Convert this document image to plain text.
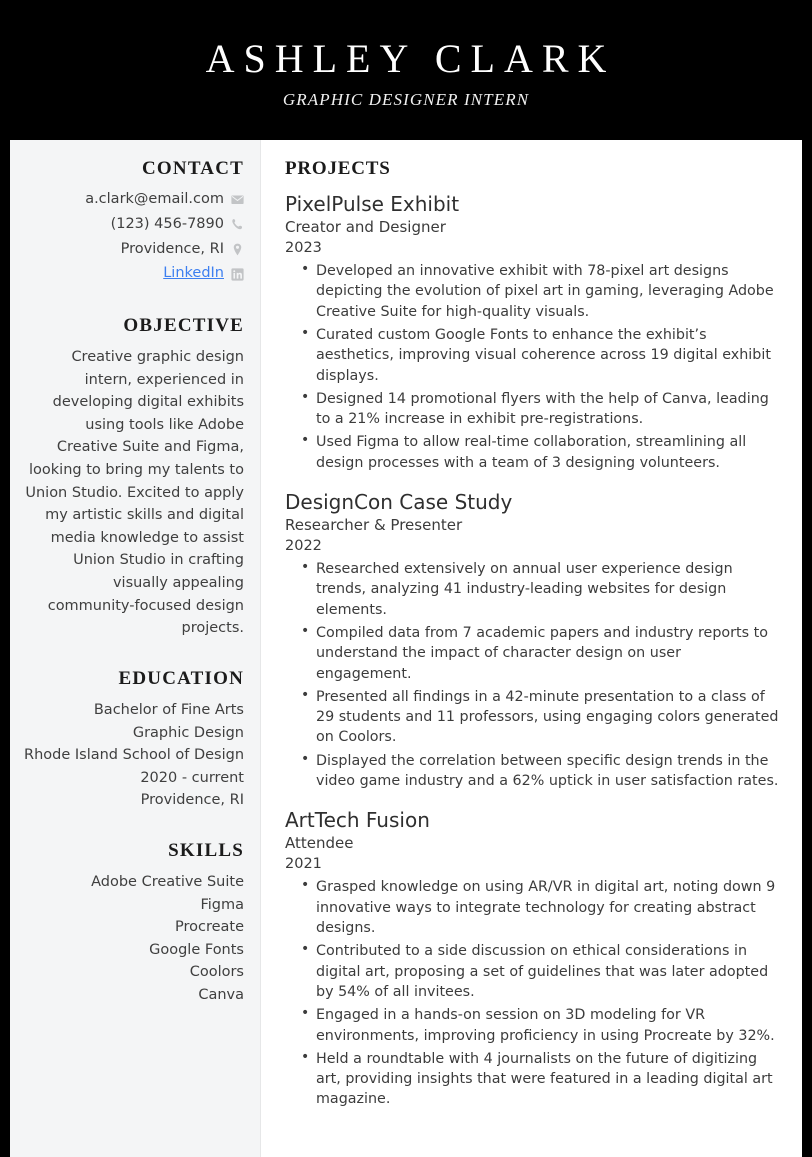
ASHLEY CLARK
GRAPHIC DESIGNER INTERN
CONTACT
a.clark@email.com
(123) 456-7890
Providence, RI
LinkedIn
OBJECTIVE

Creative graphic design intern, experienced in developing digital exhibits using tools like Adobe Creative Suite and Figma, looking to bring my talents to Union Studio. Excited to apply my artistic skills and digital media knowledge to assist Union Studio in crafting visually appealing community-focused design projects.

EDUCATION
Bachelor of Fine Arts
Graphic Design
Rhode Island School of Design
2020 - current
Providence, RI
SKILLS
Adobe Creative Suite
Figma
Procreate
Google Fonts
Coolors
Canva
PROJECTS
PixelPulse Exhibit
Creator and Designer
2023
• Developed an innovative exhibit with 78-pixel art designs depicting the evolution of pixel art in gaming, leveraging Adobe Creative Suite for high-quality visuals.
• Curated custom Google Fonts to enhance the exhibit’s aesthetics, improving visual coherence across 19 digital exhibit displays.
• Designed 14 promotional flyers with the help of Canva, leading to a 21% increase in exhibit pre-registrations.
• Used Figma to allow real-time collaboration, streamlining all design processes with a team of 3 designing volunteers.
DesignCon Case Study
Researcher & Presenter
2022
• Researched extensively on annual user experience design trends, analyzing 41 industry-leading websites for design elements.
• Compiled data from 7 academic papers and industry reports to understand the impact of character design on user engagement.
• Presented all findings in a 42-minute presentation to a class of 29 students and 11 professors, using engaging colors generated on Coolors.
• Displayed the correlation between specific design trends in the video game industry and a 62% uptick in user satisfaction rates.
ArtTech Fusion
Attendee
2021
• Grasped knowledge on using AR/VR in digital art, noting down 9 innovative ways to integrate technology for creating abstract designs.
• Contributed to a side discussion on ethical considerations in digital art, proposing a set of guidelines that was later adopted by 54% of all invitees.
• Engaged in a hands-on session on 3D modeling for VR environments, improving proficiency in using Procreate by 32%.
• Held a roundtable with 4 journalists on the future of digitizing art, providing insights that were featured in a leading digital art magazine.
